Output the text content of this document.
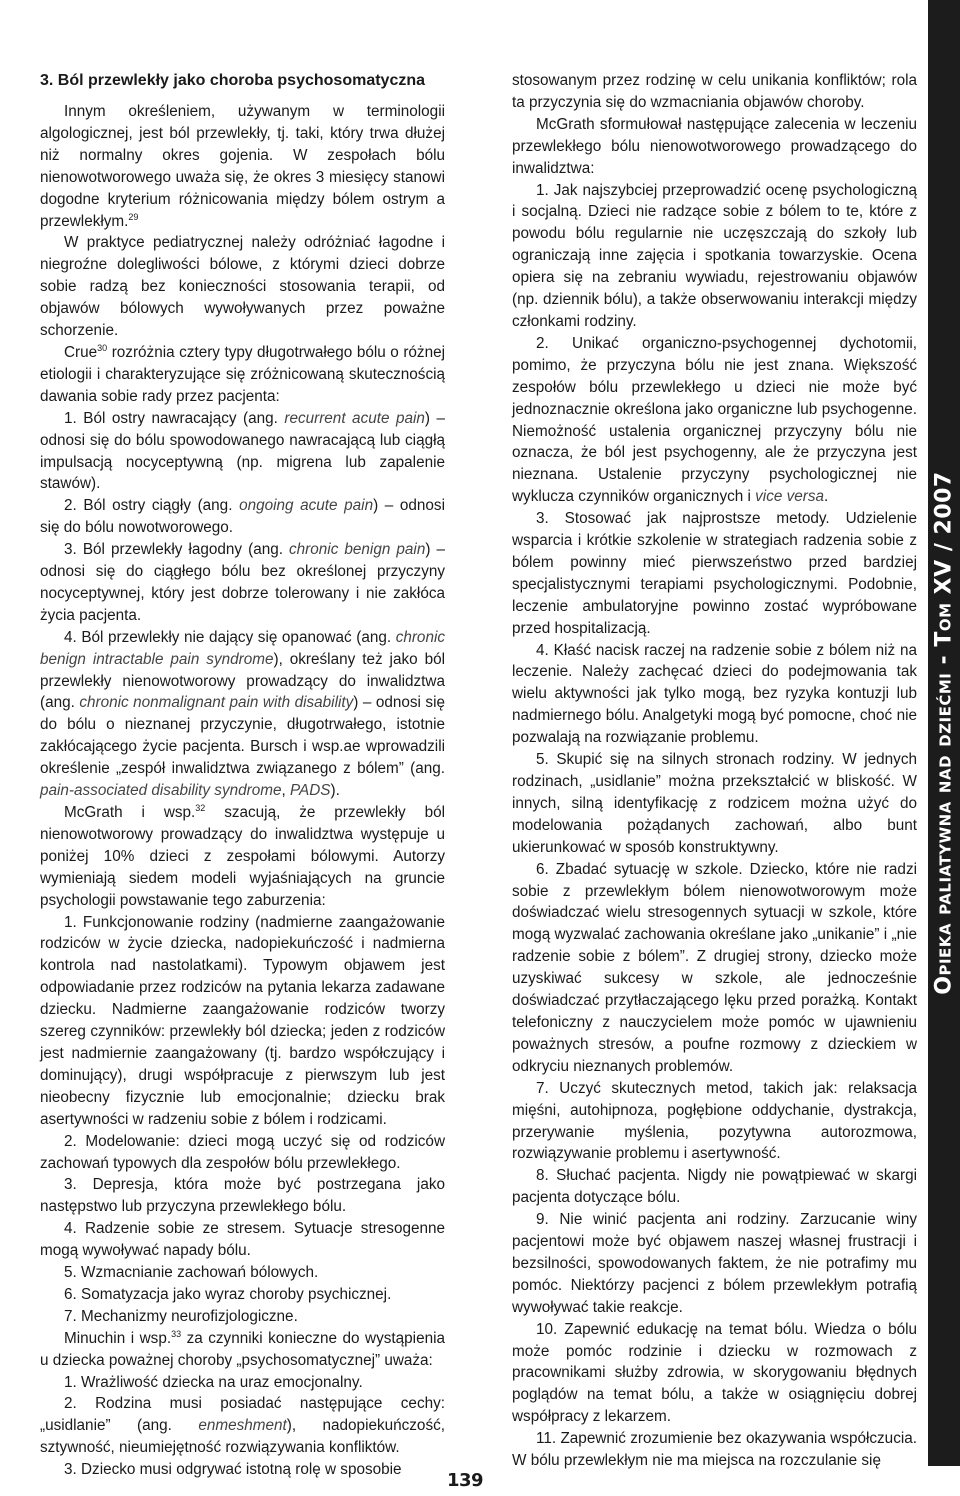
3. Ból przewlekły jako choroba psychosomatyczna

Innym określeniem, używanym w terminologii algologicznej, jest ból przewlekły, tj. taki, który trwa dłużej niż normalny okres gojenia. W zespołach bólu nienowotworowego uważa się, że okres 3 miesięcy stanowi dogodne kryterium różnicowania między bólem ostrym a przewlekłym.$^{29}$

W praktyce pediatrycznej należy odróżniać łagodne i niegroźne dolegliwości bólowe, z którymi dzieci dobrze sobie radzą bez konieczności stosowania terapii, od objawów bólowych wywoływanych przez poważne schorzenie.

Crue$^{30}$ rozróżnia cztery typy długotrwałego bólu o różnej etiologii i charakteryzujące się zróżnicowaną skutecznością dawania sobie rady przez pacjenta:

1. Ból ostry nawracający (ang. recurrent acute pain) – odnosi się do bólu spowodowanego nawracającą lub ciągłą impulsacją nocyceptywną (np. migrena lub zapalenie stawów).

2. Ból ostry ciągły (ang. ongoing acute pain) – odnosi się do bólu nowotworowego.

3. Ból przewlekły łagodny (ang. chronic benign pain) – odnosi się do ciągłego bólu bez określonej przyczyny nocyceptywnej, który jest dobrze tolerowany i nie zakłóca życia pacjenta.

4. Ból przewlekły nie dający się opanować (ang. chronic benign intractable pain syndrome), określany też jako ból przewlekły nienowotworowy prowadzący do inwalidztwa (ang. chronic nonmalignant pain with disability) – odnosi się do bólu o nieznanej przyczynie, długotrwałego, istotnie zakłócającego życie pacjenta. Bursch i wsp.ae wprowadzili określenie „zespół inwalidztwa związanego z bólem” (ang. pain-associated disability syndrome, PADS).

McGrath i wsp.$^{32}$ szacują, że przewlekły ból nienowotworowy prowadzący do inwalidztwa występuje u poniżej 10% dzieci z zespołami bólowymi. Autorzy wymieniają siedem modeli wyjaśniających na gruncie psychologii powstawanie tego zaburzenia:

1. Funkcjonowanie rodziny (nadmierne zaangażowanie rodziców w życie dziecka, nadopiekuńczość i nadmierna kontrola nad nastolatkami). Typowym objawem jest odpowiadanie przez rodziców na pytania lekarza zadawane dziecku. Nadmierne zaangażowanie rodziców tworzy szereg czynników: przewlekły ból dziecka; jeden z rodziców jest nadmiernie zaangażowany (tj. bardzo współczujący i dominujący), drugi współpracuje z pierwszym lub jest nieobecny fizycznie lub emocjonalnie; dziecku brak asertywności w radzeniu sobie z bólem i rodzicami.

2. Modelowanie: dzieci mogą uczyć się od rodziców zachowań typowych dla zespołów bólu przewlekłego.

3. Depresja, która może być postrzegana jako następstwo lub przyczyna przewlekłego bólu.

4. Radzenie sobie ze stresem. Sytuacje stresogenne mogą wywoływać napady bólu.

5. Wzmacnianie zachowań bólowych.

6. Somatyzacja jako wyraz choroby psychicznej.

7. Mechanizmy neurofizjologiczne.

Minuchin i wsp.$^{33}$ za czynniki konieczne do wystąpienia u dziecka poważnej choroby „psychosomatycznej” uważa:

1. Wrażliwość dziecka na uraz emocjonalny.

2. Rodzina musi posiadać następujące cechy: „usidlanie” (ang. enmeshment), nadopiekuńczość, sztywność, nieumiejętność rozwiązywania konfliktów.

3. Dziecko musi odgrywać istotną rolę w sposobie

stosowanym przez rodzinę w celu unikania konfliktów; rola ta przyczynia się do wzmacniania objawów choroby.

McGrath sformułował następujące zalecenia w leczeniu przewlekłego bólu nienowotworowego prowadzącego do inwalidztwa:

1. Jak najszybciej przeprowadzić ocenę psychologiczną i socjalną. Dzieci nie radzące sobie z bólem to te, które z powodu bólu regularnie nie uczęszczają do szkoły lub ograniczają inne zajęcia i spotkania towarzyskie. Ocena opiera się na zebraniu wywiadu, rejestrowaniu objawów (np. dziennik bólu), a także obserwowaniu interakcji między członkami rodziny.

2. Unikać organiczno-psychogennej dychotomii, pomimo, że przyczyna bólu nie jest znana. Większość zespołów bólu przewlekłego u dzieci nie może być jednoznacznie określona jako organiczne lub psychogenne. Niemożność ustalenia organicznej przyczyny bólu nie oznacza, że ból jest psychogenny, ale że przyczyna jest nieznana. Ustalenie przyczyny psychologicznej nie wyklucza czynników organicznych i vice versa.

3. Stosować jak najprostsze metody. Udzielenie wsparcia i krótkie szkolenie w strategiach radzenia sobie z bólem powinny mieć pierwszeństwo przed bardziej specjalistycznymi terapiami psychologicznymi. Podobnie, leczenie ambulatoryjne powinno zostać wypróbowane przed hospitalizacją.

4. Kłaść nacisk raczej na radzenie sobie z bólem niż na leczenie. Należy zachęcać dzieci do podejmowania tak wielu aktywności jak tylko mogą, bez ryzyka kontuzji lub nadmiernego bólu. Analgetyki mogą być pomocne, choć nie pozwalają na rozwiązanie problemu.

5. Skupić się na silnych stronach rodziny. W jednych rodzinach, „usidlanie” można przekształcić w bliskość. W innych, silną identyfikację z rodzicem można użyć do modelowania pożądanych zachowań, albo bunt ukierunkować w sposób konstruktywny.

6. Zbadać sytuację w szkole. Dziecko, które nie radzi sobie z przewlekłym bólem nienowotworowym może doświadczać wielu stresogennych sytuacji w szkole, które mogą wyzwalać zachowania określane jako „unikanie” i „nie radzenie sobie z bólem”. Z drugiej strony, dziecko może uzyskiwać sukcesy w szkole, ale jednocześnie doświadczać przytłaczającego lęku przed porażką. Kontakt telefoniczny z nauczycielem może pomóc w ujawnieniu poważnych stresów, a poufne rozmowy z dzieckiem w odkryciu nieznanych problemów.

7. Uczyć skutecznych metod, takich jak: relaksacja mięśni, autohipnoza, pogłębione oddychanie, dystrakcja, przerywanie myślenia, pozytywna autorozmowa, rozwiązywanie problemu i asertywność.

8. Słuchać pacjenta. Nigdy nie powątpiewać w skargi pacjenta dotyczące bólu.

9. Nie winić pacjenta ani rodziny. Zarzucanie winy pacjentowi może być objawem naszej własnej frustracji i bezsilności, spowodowanych faktem, że nie potrafimy mu pomóc. Niektórzy pacjenci z bólem przewlekłym potrafią wywoływać takie reakcje.

10. Zapewnić edukację na temat bólu. Wiedza o bólu może pomóc rodzinie i dziecku w rozmowach z pracownikami służby zdrowia, w skorygowaniu błędnych poglądów na temat bólu, a także w osiągnięciu dobrej współpracy z lekarzem.

11. Zapewnić zrozumienie bez okazywania współczucia. W bólu przewlekłym nie ma miejsca na rozczulanie się

Opieka paliatywna nad dziećmi - Tom XV / 2007
139
